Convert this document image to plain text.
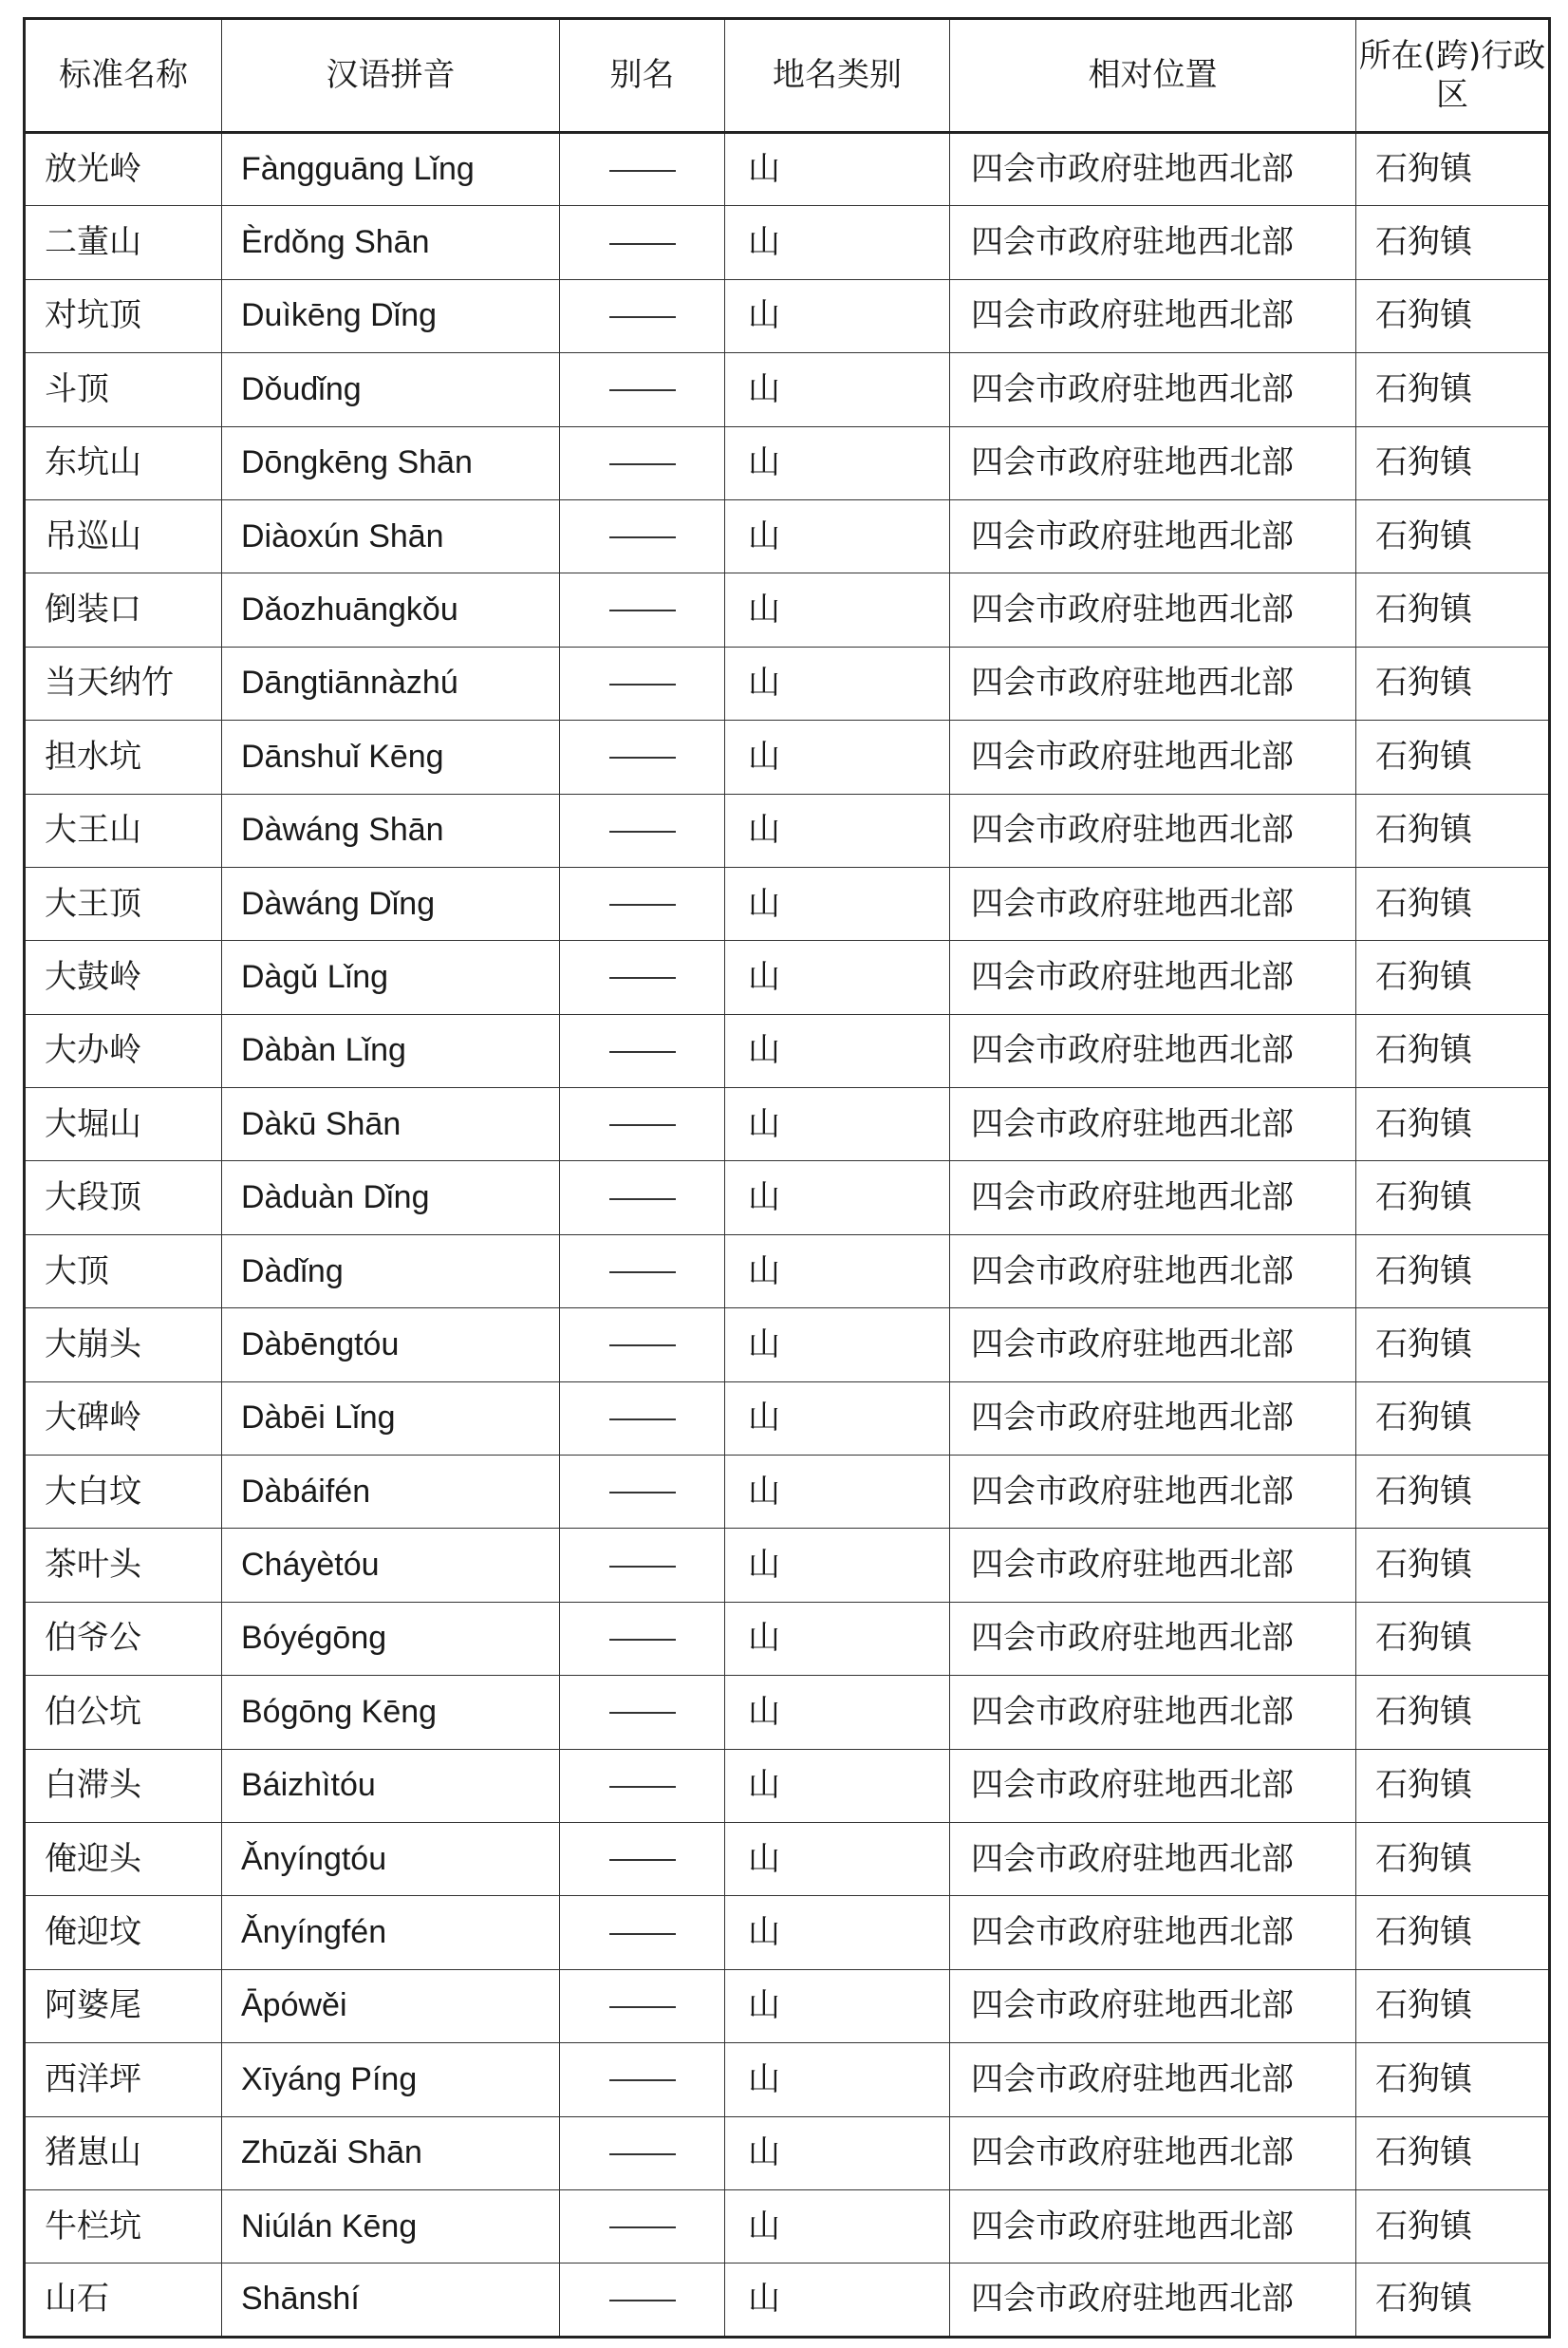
标准名称	汉语拼音	别名	地名类别	相对位置	所在(跨)行政区
放光岭	Fàngguāng Lǐng		山	四会市政府驻地西北部	石狗镇
二董山	Èrdǒng Shān		山	四会市政府驻地西北部	石狗镇
对坑顶	Duìkēng Dǐng		山	四会市政府驻地西北部	石狗镇
斗顶	Dǒudǐng		山	四会市政府驻地西北部	石狗镇
东坑山	Dōngkēng Shān		山	四会市政府驻地西北部	石狗镇
吊巡山	Diàoxún Shān		山	四会市政府驻地西北部	石狗镇
倒装口	Dǎozhuāngkǒu		山	四会市政府驻地西北部	石狗镇
当天纳竹	Dāngtiānnàzhú		山	四会市政府驻地西北部	石狗镇
担水坑	Dānshuǐ Kēng		山	四会市政府驻地西北部	石狗镇
大王山	Dàwáng Shān		山	四会市政府驻地西北部	石狗镇
大王顶	Dàwáng Dǐng		山	四会市政府驻地西北部	石狗镇
大鼓岭	Dàgǔ Lǐng		山	四会市政府驻地西北部	石狗镇
大办岭	Dàbàn Lǐng		山	四会市政府驻地西北部	石狗镇
大堀山	Dàkū Shān		山	四会市政府驻地西北部	石狗镇
大段顶	Dàduàn Dǐng		山	四会市政府驻地西北部	石狗镇
大顶	Dàdǐng		山	四会市政府驻地西北部	石狗镇
大崩头	Dàbēngtóu		山	四会市政府驻地西北部	石狗镇
大碑岭	Dàbēi Lǐng		山	四会市政府驻地西北部	石狗镇
大白坟	Dàbáifén		山	四会市政府驻地西北部	石狗镇
茶叶头	Cháyètóu		山	四会市政府驻地西北部	石狗镇
伯爷公	Bóyégōng		山	四会市政府驻地西北部	石狗镇
伯公坑	Bógōng Kēng		山	四会市政府驻地西北部	石狗镇
白滞头	Báizhìtóu		山	四会市政府驻地西北部	石狗镇
俺迎头	Ǎnyíngtóu		山	四会市政府驻地西北部	石狗镇
俺迎坟	Ǎnyíngfén		山	四会市政府驻地西北部	石狗镇
阿婆尾	Āpówěi		山	四会市政府驻地西北部	石狗镇
西洋坪	Xīyáng Píng		山	四会市政府驻地西北部	石狗镇
猪崽山	Zhūzǎi Shān		山	四会市政府驻地西北部	石狗镇
牛栏坑	Niúlán Kēng		山	四会市政府驻地西北部	石狗镇
山石	Shānshí		山	四会市政府驻地西北部	石狗镇
